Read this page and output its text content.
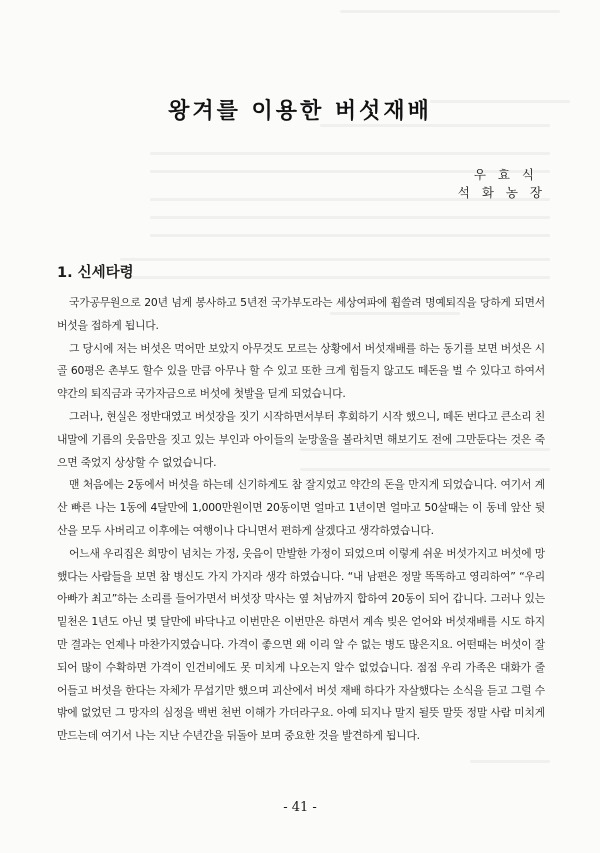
왕겨를 이용한 버섯재배
우 효 식
석 화 농 장
1. 신세타령

국가공무원으로 20년 넘게 봉사하고 5년전 국가부도라는 세상여파에 휩쓸려 명예퇴직을 당하게 되면서 버섯을 접하게 됩니다.

그 당시에 저는 버섯은 먹어만 보았지 아무것도 모르는 상황에서 버섯재배를 하는 동기를 보면 버섯은 시골 60평은 촌부도 할수 있을 만큼 아무나 할 수 있고 또한 크게 힘들지 않고도 떼돈을 벌 수 있다고 하여서 약간의 퇴직금과 국가자금으로 버섯에 첫발을 딛게 되었습니다.

그러나, 현실은 정반대였고 버섯장을 짓기 시작하면서부터 후회하기 시작 했으니, 떼돈 번다고 큰소리 친 내말에 기름의 웃음만을 짓고 있는 부인과 아이들의 눈망울을 볼라치면 해보기도 전에 그만둔다는 것은 죽으면 죽었지 상상할 수 없었습니다.

맨 처음에는 2동에서 버섯을 하는데 신기하게도 참 잘지었고 약간의 돈을 만지게 되었습니다. 여기서 계산 빠른 나는 1동에 4달만에 1,000만원이면 20동이면 얼마고 1년이면 얼마고 50살때는 이 동네 앞산 뒷산을 모두 사버리고 이후에는 여행이나 다니면서 편하게 살겠다고 생각하였습니다.

어느새 우리집은 희망이 넘치는 가정, 웃음이 만발한 가정이 되었으며 이렇게 쉬운 버섯가지고 버섯에 망했다는 사람들을 보면 참 병신도 가지 가지라 생각 하였습니다. “내 남편은 정말 똑똑하고 영리하여” “우리 아빠가 최고”하는 소리를 들어가면서 버섯장 막사는 옆 처남까지 합하여 20동이 되어 갑니다. 그러나 있는 밑천은 1년도 아닌 몇 달만에 바닥나고 이번만은 이번만은 하면서 계속 빚은 얻어와 버섯재배를 시도 하지만 결과는 언제나 마찬가지였습니다. 가격이 좋으면 왜 이리 알 수 없는 병도 많은지요. 어떤때는 버섯이 잘되어 많이 수확하면 가격이 인건비에도 못 미치게 나오는지 알수 없었습니다. 점점 우리 가족은 대화가 줄어들고 버섯을 한다는 자체가 무섭기만 했으며 괴산에서 버섯 재배 하다가 자살했다는 소식을 듣고 그럴 수밖에 없었던 그 망자의 심정을 백번 천번 이해가 가더라구요. 아예 되지나 말지 될뜻 말뜻 정말 사람 미치게 만드는데 여기서 나는 지난 수년간을 뒤돌아 보며 중요한 것을 발견하게 됩니다.

- 41 -
